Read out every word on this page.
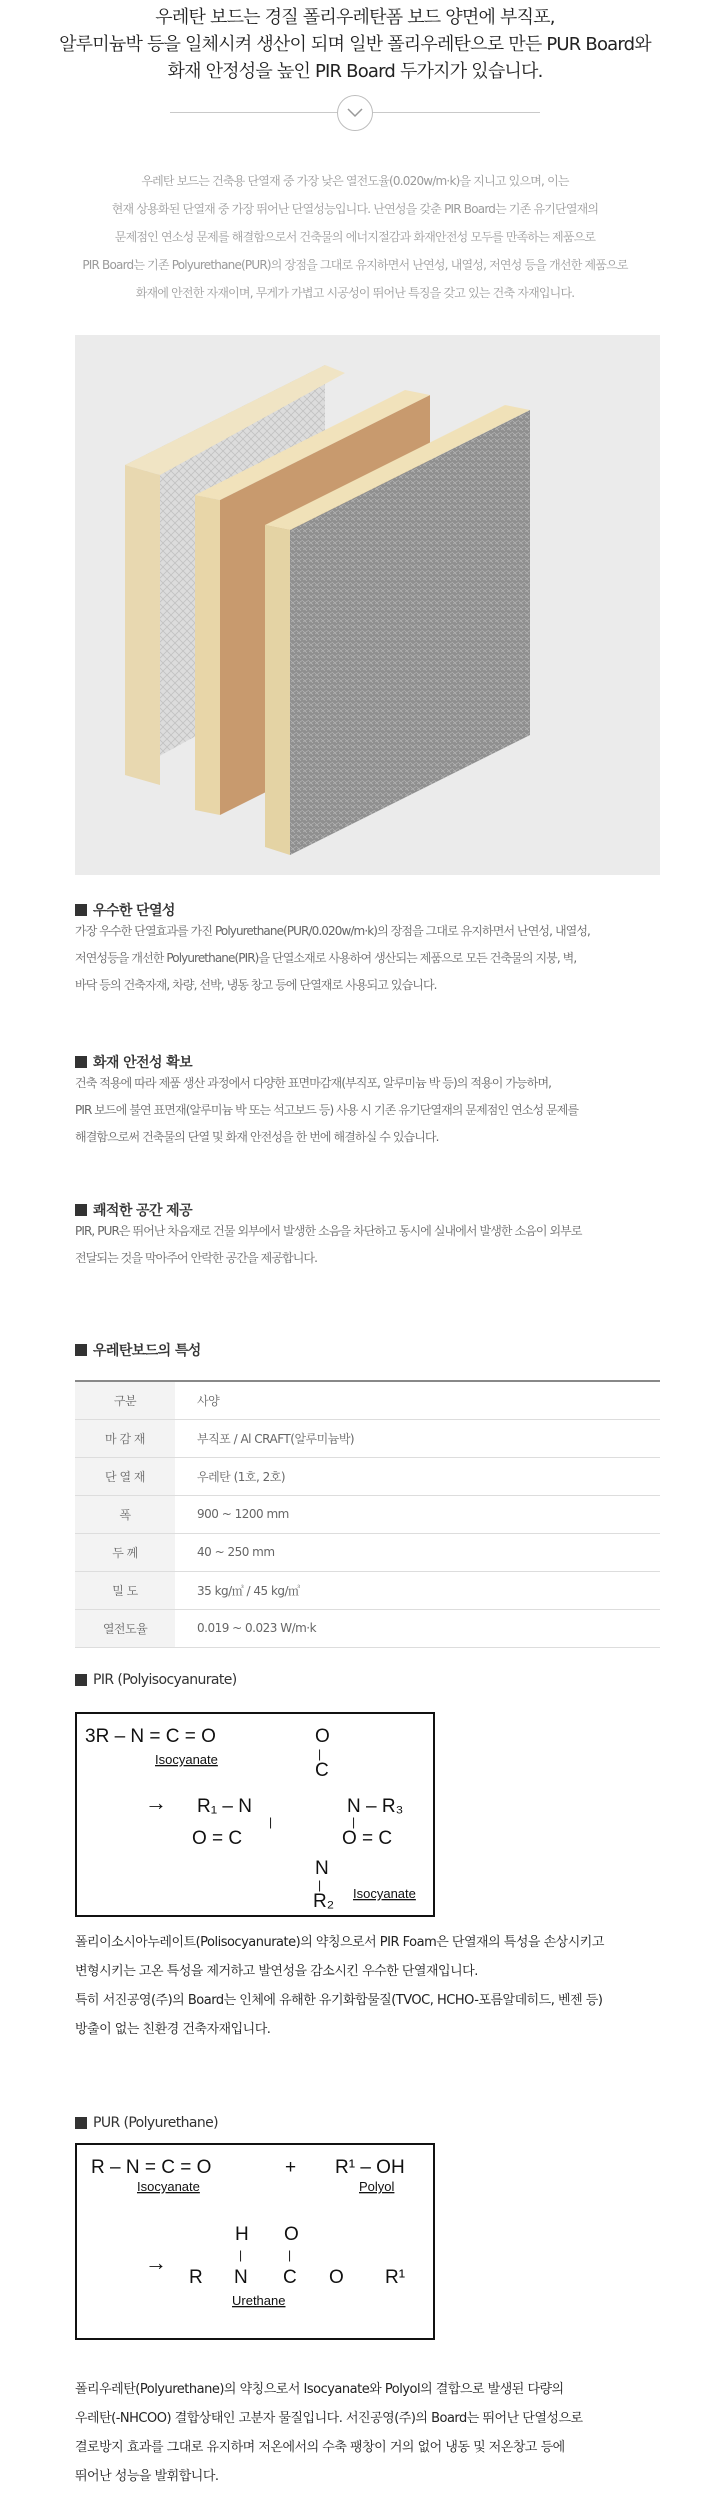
우레탄 보드는 경질 폴리우레탄폼 보드 양면에 부직포,
알루미늄박 등을 일체시켜 생산이 되며 일반 폴리우레탄으로 만든 PUR Board와
화재 안정성을 높인 PIR Board 두가지가 있습니다.
우레탄 보드는 건축용 단열재 중 가장 낮은 열전도율(0.020w/m·k)을 지니고 있으며, 이는
현재 상용화된 단열재 중 가장 뛰어난 단열성능입니다. 난연성을 갖춘 PIR Board는 기존 유기단열재의
문제점인 연소성 문제를 해결함으로서 건축물의 에너지절감과 화재안전성 모두를 만족하는 제품으로
PIR Board는 기존 Polyurethane(PUR)의 장점을 그대로 유지하면서 난연성, 내열성, 저연성 등을 개선한 제품으로
화재에 안전한 자재이며, 무게가 가볍고 시공성이 뛰어난 특징을 갖고 있는 건축 자재입니다.
우수한 단열성
가장 우수한 단열효과를 가진 Polyurethane(PUR/0.020w/m·k)의 장점을 그대로 유지하면서 난연성, 내열성,
저연성등을 개선한 Polyurethane(PIR)을 단열소재로 사용하여 생산되는 제품으로 모든 건축물의 지붕, 벽,
바닥 등의 건축자재, 차량, 선박, 냉동 창고 등에 단열재로 사용되고 있습니다.
화재 안전성 확보
건축 적용에 따라 제품 생산 과정에서 다양한 표면마감재(부직포, 알루미늄 박 등)의 적용이 가능하며,
PIR 보드에 불연 표면재(알루미늄 박 또는 석고보드 등) 사용 시 기존 유기단열재의 문제점인 연소성 문제를
해결함으로써 건축물의 단열 및 화재 안전성을 한 번에 해결하실 수 있습니다.
쾌적한 공간 제공
PIR, PUR은 뛰어난 차음재로 건물 외부에서 발생한 소음을 차단하고 동시에 실내에서 발생한 소음이 외부로
전달되는 것을 막아주어 안락한 공간을 제공합니다.
우레탄보드의 특성
구분	사양
마 감 재	부직포 / Al CRAFT(알루미늄박)
단 열 재	우레탄 (1호, 2호)
폭	900 ~ 1200 mm
두 께	40 ~ 250 mm
밀 도	35 kg/㎥ / 45 kg/㎥
열전도율	0.019 ~ 0.023 W/m·k
PIR (Polyisocyanurate)
3R – N = C = O
Isocyanate
O
|
C
→ R₁ – N
|
O = C
N – R₃
|
O = C
N
|
R₂ Isocyanate
폴리이소시아누레이트(Polisocyanurate)의 약칭으로서 PIR Foam은 단열재의 특성을 손상시키고
변형시키는 고온 특성을 제거하고 발연성을 감소시킨 우수한 단열재입니다.
특히 서진공영(주)의 Board는 인체에 유해한 유기화합물질(TVOC, HCHO-포름알데히드, 벤젠 등)
방출이 없는 친환경 건축자재입니다.
PUR (Polyurethane)
R – N = C = O
Isocyanate
+ R¹ – OH
Polyol
H O
|	|
→
R N C O R¹
Urethane
폴리우레탄(Polyurethane)의 약칭으로서 Isocyanate와 Polyol의 결합으로 발생된 다량의
우레탄(-NHCOO) 결합상태인 고분자 물질입니다. 서진공영(주)의 Board는 뛰어난 단열성으로
결로방지 효과를 그대로 유지하며 저온에서의 수축 팽창이 거의 없어 냉동 및 저온창고 등에
뛰어난 성능을 발휘합니다.
